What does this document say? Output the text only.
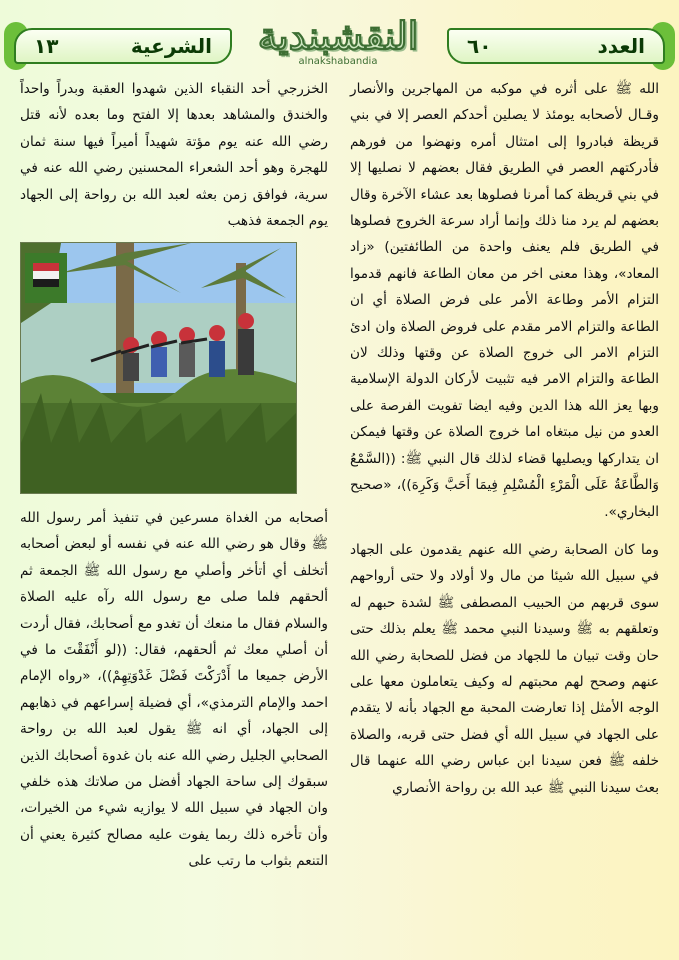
١٣	الشرعية النقشبندية
alnakshabandia
٦٠	العدد

الله ﷺ على أثره في موكبه من المهاجرين والأنصار وقـال لأصحابه يومئذ لا يصلين أحدكم العصر إلا في بني قريظة فبادروا إلى امتثال أمره ونهضوا من فورهم فأدركتهم العصر في الطريق فقال بعضهم لا نصليها إلا في بني قريظة كما أمرنا فصلوها بعد عشاء الآخرة وقال بعضهم لم يرد منا ذلك وإنما أراد سرعة الخروج فصلوها في الطريق فلم يعنف واحدة من الطائفتين) «زاد المعاد»، وهذا معنى اخر من معان الطاعة فانهم قدموا التزام الأمر وطاعة الأمر على فرض الصلاة أي ان الطاعة والتزام الامر مقدم على فروض الصلاة وان ادئ التزام الامر الى خروج الصلاة عن وقتها وذلك لان الطاعة والتزام الامر فيه تثبيت لأركان الدولة الإسلامية وبها يعز الله هذا الدين وفيه ايضا تفويت الفرصة على العدو من نيل مبتغاه اما خروج الصلاة عن وقتها فيمكن ان يتداركها ويصليها قضاء لذلك قال النبي ﷺ: ((السَّمْعُ وَالطَّاعَةُ عَلَى الْمَرْءِ الْمُسْلِمِ فِيمَا أَحَبَّ وَكَرِهَ))، «صحيح البخاري».

وما كان الصحابة رضي الله عنهم يقدمون على الجهاد في سبيل الله شيئا من مال ولا أولاد ولا حتى أرواحهم سوى قربهم من الحبيب المصطفى ﷺ لشدة حبهم له وتعلقهم به ﷺ وسيدنا النبي محمد ﷺ يعلم بذلك حتى حان وقت تبيان ما للجهاد من فضل للصحابة رضي الله عنهم وصحح لهم محبتهم له وكيف يتعاملون معها على الوجه الأمثل إذا تعارضت المحبة مع الجهاد بأنه لا يتقدم على الجهاد في سبيل الله أي فضل حتى قربه، والصلاة خلفه ﷺ فعن سيدنا ابن عباس رضي الله عنهما قال بعث سيدنا النبي ﷺ عبد الله بن رواحة الأنصاري

الخزرجي أحد النقباء الذين شهدوا العقبة وبدراً واحداً والخندق والمشاهد بعدها إلا الفتح وما بعده لأنه قتل رضي الله عنه يوم مؤتة شهيداً أميراً فيها سنة ثمان للهجرة وهو أحد الشعراء المحسنين رضي الله عنه في سرية، فوافق زمن بعثه لعبد الله بن رواحة إلى الجهاد يوم الجمعة فذهب

أصحابه من الغداة مسرعين في تنفيذ أمر رسول الله ﷺ وقال هو رضي الله عنه في نفسه أو لبعض أصحابه أتخلف أي أتأخر وأصلي مع رسول الله ﷺ الجمعة ثم ألحقهم فلما صلى مع رسول الله رآه عليه الصلاة والسلام فقال ما منعك أن تغدو مع أصحابك، فقال أردت أن أصلي معك ثم ألحقهم، فقال: ((لو أَنْفَقْتَ ما في الأرض جميعا ما أَدْرَكْتَ فَضْلَ غَدْوَتِهِمْ))، «رواه الإمام احمد والإمام الترمذي»، أي فضيلة إسراعهم في ذهابهم إلى الجهاد، أي انه ﷺ يقول لعبد الله بن رواحة الصحابي الجليل رضي الله عنه بان غدوة أصحابك الذين سبقوك إلى ساحة الجهاد أفضل من صلاتك هذه خلفي وان الجهاد في سبيل الله لا يوازيه شيء من الخيرات، وأن تأخره ذلك ربما يفوت عليه مصالح كثيرة يعني أن التنعم بثواب ما رتب على
